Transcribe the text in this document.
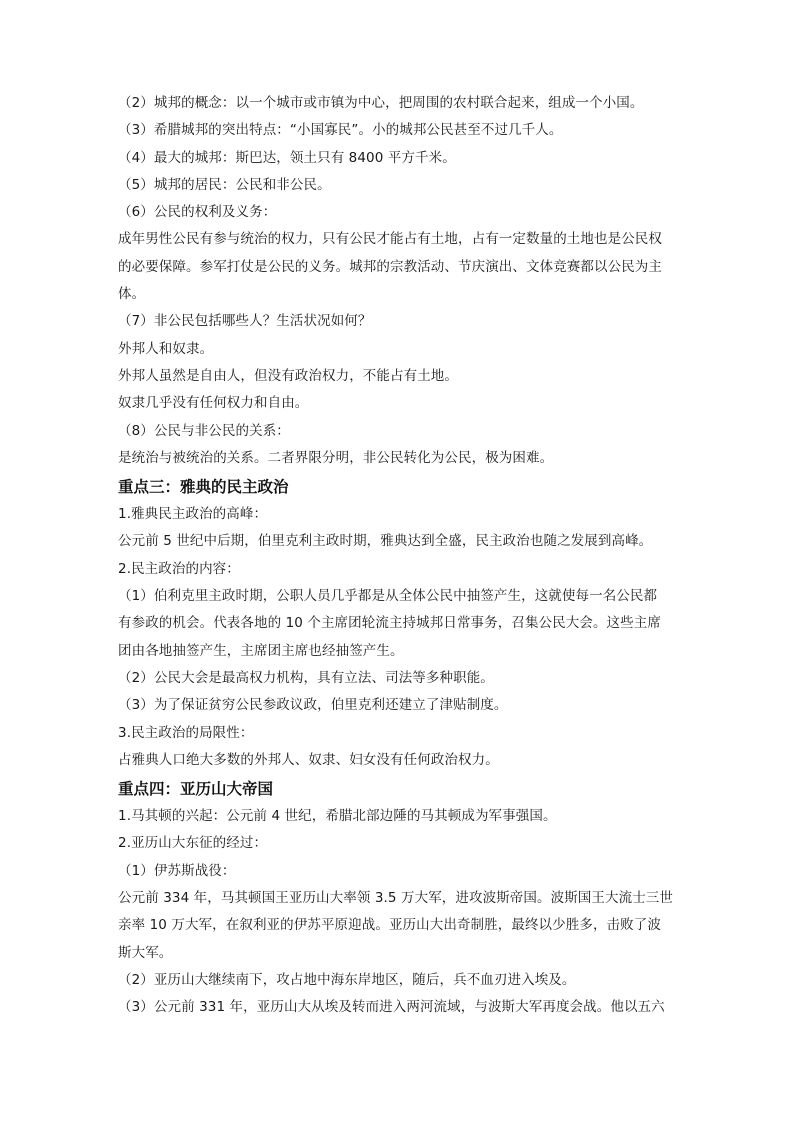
（2）城邦的概念：以一个城市或市镇为中心，把周围的农村联合起来，组成一个小国。
（3）希腊城邦的突出特点：“小国寡民”。小的城邦公民甚至不过几千人。
（4）最大的城邦：斯巴达，领土只有 8400 平方千米。
（5）城邦的居民：公民和非公民。
（6）公民的权利及义务：
成年男性公民有参与统治的权力，只有公民才能占有土地，占有一定数量的土地也是公民权
的必要保障。参军打仗是公民的义务。城邦的宗教活动、节庆演出、文体竞赛都以公民为主
体。
（7）非公民包括哪些人？生活状况如何？
外邦人和奴隶。
外邦人虽然是自由人，但没有政治权力，不能占有土地。
奴隶几乎没有任何权力和自由。
（8）公民与非公民的关系：
是统治与被统治的关系。二者界限分明，非公民转化为公民，极为困难。
重点三：雅典的民主政治
1.雅典民主政治的高峰：
公元前 5 世纪中后期，伯里克利主政时期，雅典达到全盛，民主政治也随之发展到高峰。
2.民主政治的内容：
（1）伯利克里主政时期，公职人员几乎都是从全体公民中抽签产生，这就使每一名公民都
有参政的机会。代表各地的 10 个主席团轮流主持城邦日常事务，召集公民大会。这些主席
团由各地抽签产生，主席团主席也经抽签产生。
（2）公民大会是最高权力机构，具有立法、司法等多种职能。
（3）为了保证贫穷公民参政议政，伯里克利还建立了津贴制度。
3.民主政治的局限性：
占雅典人口绝大多数的外邦人、奴隶、妇女没有任何政治权力。
重点四：亚历山大帝国
1.马其顿的兴起：公元前 4 世纪，希腊北部边陲的马其顿成为军事强国。
2.亚历山大东征的经过：
（1）伊苏斯战役：
公元前 334 年，马其顿国王亚历山大率领 3.5 万大军，进攻波斯帝国。波斯国王大流士三世
亲率 10 万大军，在叙利亚的伊苏平原迎战。亚历山大出奇制胜，最终以少胜多，击败了波
斯大军。
（2）亚历山大继续南下，攻占地中海东岸地区，随后，兵不血刃进入埃及。
（3）公元前 331 年，亚历山大从埃及转而进入两河流域，与波斯大军再度会战。他以五六
